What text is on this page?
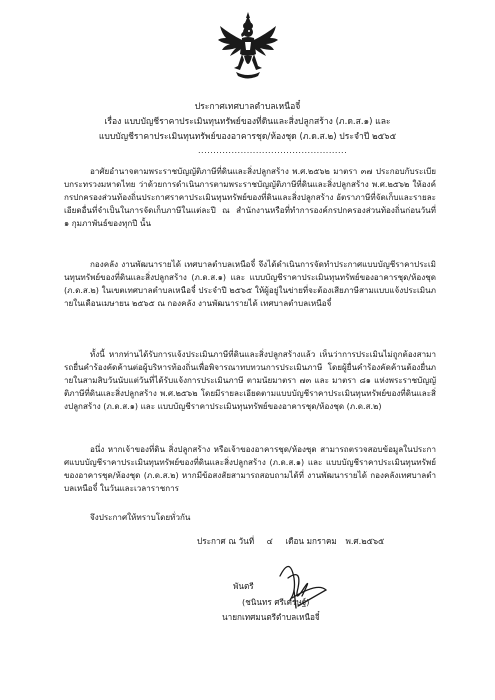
ประกาศเทศบาลตำบลเหนือจี๋
เรื่อง แบบบัญชีราคาประเมินทุนทรัพย์ของที่ดินและสิ่งปลูกสร้าง (ภ.ด.ส.๑) และ
แบบบัญชีราคาประเมินทุนทรัพย์ของอาคารชุด/ห้องชุด (ภ.ด.ส.๒) ประจำปี ๒๕๖๕
.................................................
อาศัยอำนาจตามพระราชบัญญัติภาษีที่ดินและสิ่งปลูกสร้าง พ.ศ.๒๕๖๒ มาตรา ๓๗ ประกอบกับระเบียบกระทรวงมหาดไทย ว่าด้วยการดำเนินการตามพระราชบัญญัติภาษีที่ดินและสิ่งปลูกสร้าง พ.ศ.๒๕๖๒ ให้องค์กรปกครองส่วนท้องถิ่นประกาศราคาประเมินทุนทรัพย์ของที่ดินและสิ่งปลูกสร้าง อัตราภาษีที่จัดเก็บและรายละเอียดอื่นที่จำเป็นในการจัดเก็บภาษีในแต่ละปี ณ สำนักงานหรือที่ทำการองค์กรปกครองส่วนท้องถิ่นก่อนวันที่ ๑ กุมภาพันธ์ของทุกปี นั้น
กองคลัง งานพัฒนารายได้ เทศบาลตำบลเหนือจี๋ จึงได้ดำเนินการจัดทำประกาศแบบบัญชีราคาประเมินทุนทรัพย์ของที่ดินและสิ่งปลูกสร้าง (ภ.ด.ส.๑) และ แบบบัญชีราคาประเมินทุนทรัพย์ของอาคารชุด/ห้องชุด (ภ.ด.ส.๒) ในเขตเทศบาลตำบลเหนือจี๋ ประจำปี ๒๕๖๕ ให้ผู้อยู่ในข่ายที่จะต้องเสียภาษีสามแบบแจ้งประเมินภายในเดือนเมษายน ๒๕๖๕ ณ กองคลัง งานพัฒนารายได้ เทศบาลตำบลเหนือจี๋
ทั้งนี้ หากท่านได้รับการแจ้งประเมินภาษีที่ดินและสิ่งปลูกสร้างแล้ว เห็นว่าการประเมินไม่ถูกต้องสามารถยื่นคำร้องคัดค้านต่อผู้บริหารท้องถิ่นเพื่อพิจารณาทบทวนการประเมินภาษี โดยผู้ยื่นคำร้องคัดค้านต้องยื่นภายในสามสิบวันนับแต่วันที่ได้รับแจ้งการประเมินภาษี ตามนัยมาตรา ๗๓ และ มาตรา ๘๑ แห่งพระราชบัญญัติภาษีที่ดินและสิ่งปลูกสร้าง พ.ศ.๒๕๖๒ โดยมีรายละเอียดตามแบบบัญชีราคาประเมินทุนทรัพย์ของที่ดินและสิ่งปลูกสร้าง (ภ.ด.ส.๑) และ แบบบัญชีราคาประเมินทุนทรัพย์ของอาคารชุด/ห้องชุด (ภ.ด.ส.๒)
อนึ่ง หากเจ้าของที่ดิน สิ่งปลูกสร้าง หรือเจ้าของอาคารชุด/ห้องชุด สามารถตรวจสอบข้อมูลในประกาศแบบบัญชีราคาประเมินทุนทรัพย์ของที่ดินและสิ่งปลูกสร้าง (ภ.ด.ส.๑) และ แบบบัญชีราคาประเมินทุนทรัพย์ของอาคารชุด/ห้องชุด (ภ.ด.ส.๒) หากมีข้อสงสัยสามารถสอบถามได้ที่ งานพัฒนารายได้ กองคลังเทศบาลตำบลเหนือจี๋ ในวันและเวลาราชการ
จึงประกาศให้ทราบโดยทั่วกัน
ประกาศ ณ วันที่ ๔ เดือน มกราคม พ.ศ.๒๕๖๕
พันตรี
(ชนินทร ศรีเศรษฐ์)
นายกเทศมนตรีตำบลเหนือจี๋
